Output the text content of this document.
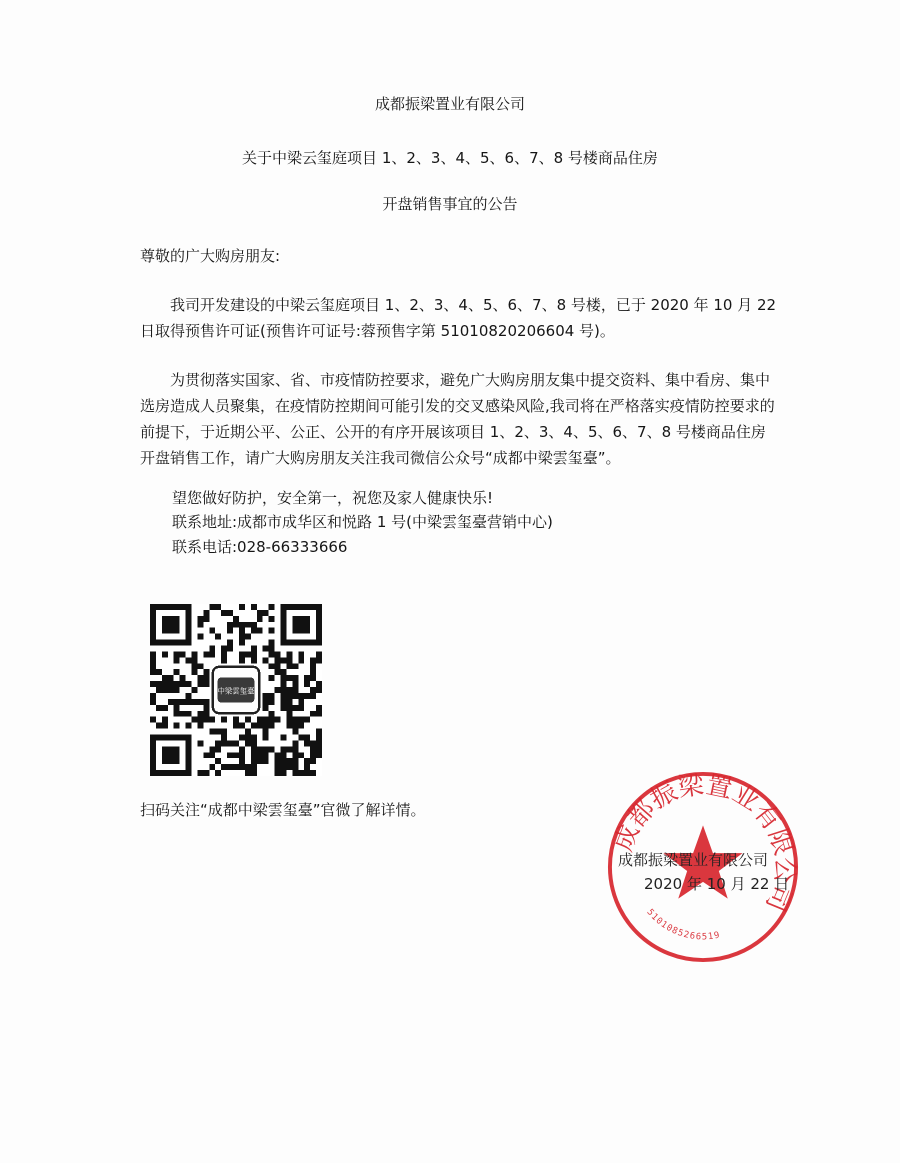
成都振梁置业有限公司
关于中梁云玺庭项目 1、2、3、4、5、6、7、8 号楼商品住房
开盘销售事宜的公告
尊敬的广大购房朋友:
我司开发建设的中梁云玺庭项目 1、2、3、4、5、6、7、8 号楼，已于 2020 年 10 月 22 日取得预售许可证(预售许可证号:蓉预售字第 51010820206604 号)。
为贯彻落实国家、省、市疫情防控要求，避免广大购房朋友集中提交资料、集中看房、集中选房造成人员聚集，在疫情防控期间可能引发的交叉感染风险,我司将在严格落实疫情防控要求的前提下，于近期公平、公正、公开的有序开展该项目 1、2、3、4、5、6、7、8 号楼商品住房开盘销售工作，请广大购房朋友关注我司微信公众号“成都中梁雲玺臺”。
望您做好防护，安全第一，祝您及家人健康快乐!
联系地址:成都市成华区和悦路 1 号(中梁雲玺臺营销中心)
联系电话:028-66333666
中梁雲玺臺
扫码关注“成都中梁雲玺臺”官微了解详情。
成都振梁置业有限公司
5101085266519
成都振梁置业有限公司
2020 年 10 月 22 日
